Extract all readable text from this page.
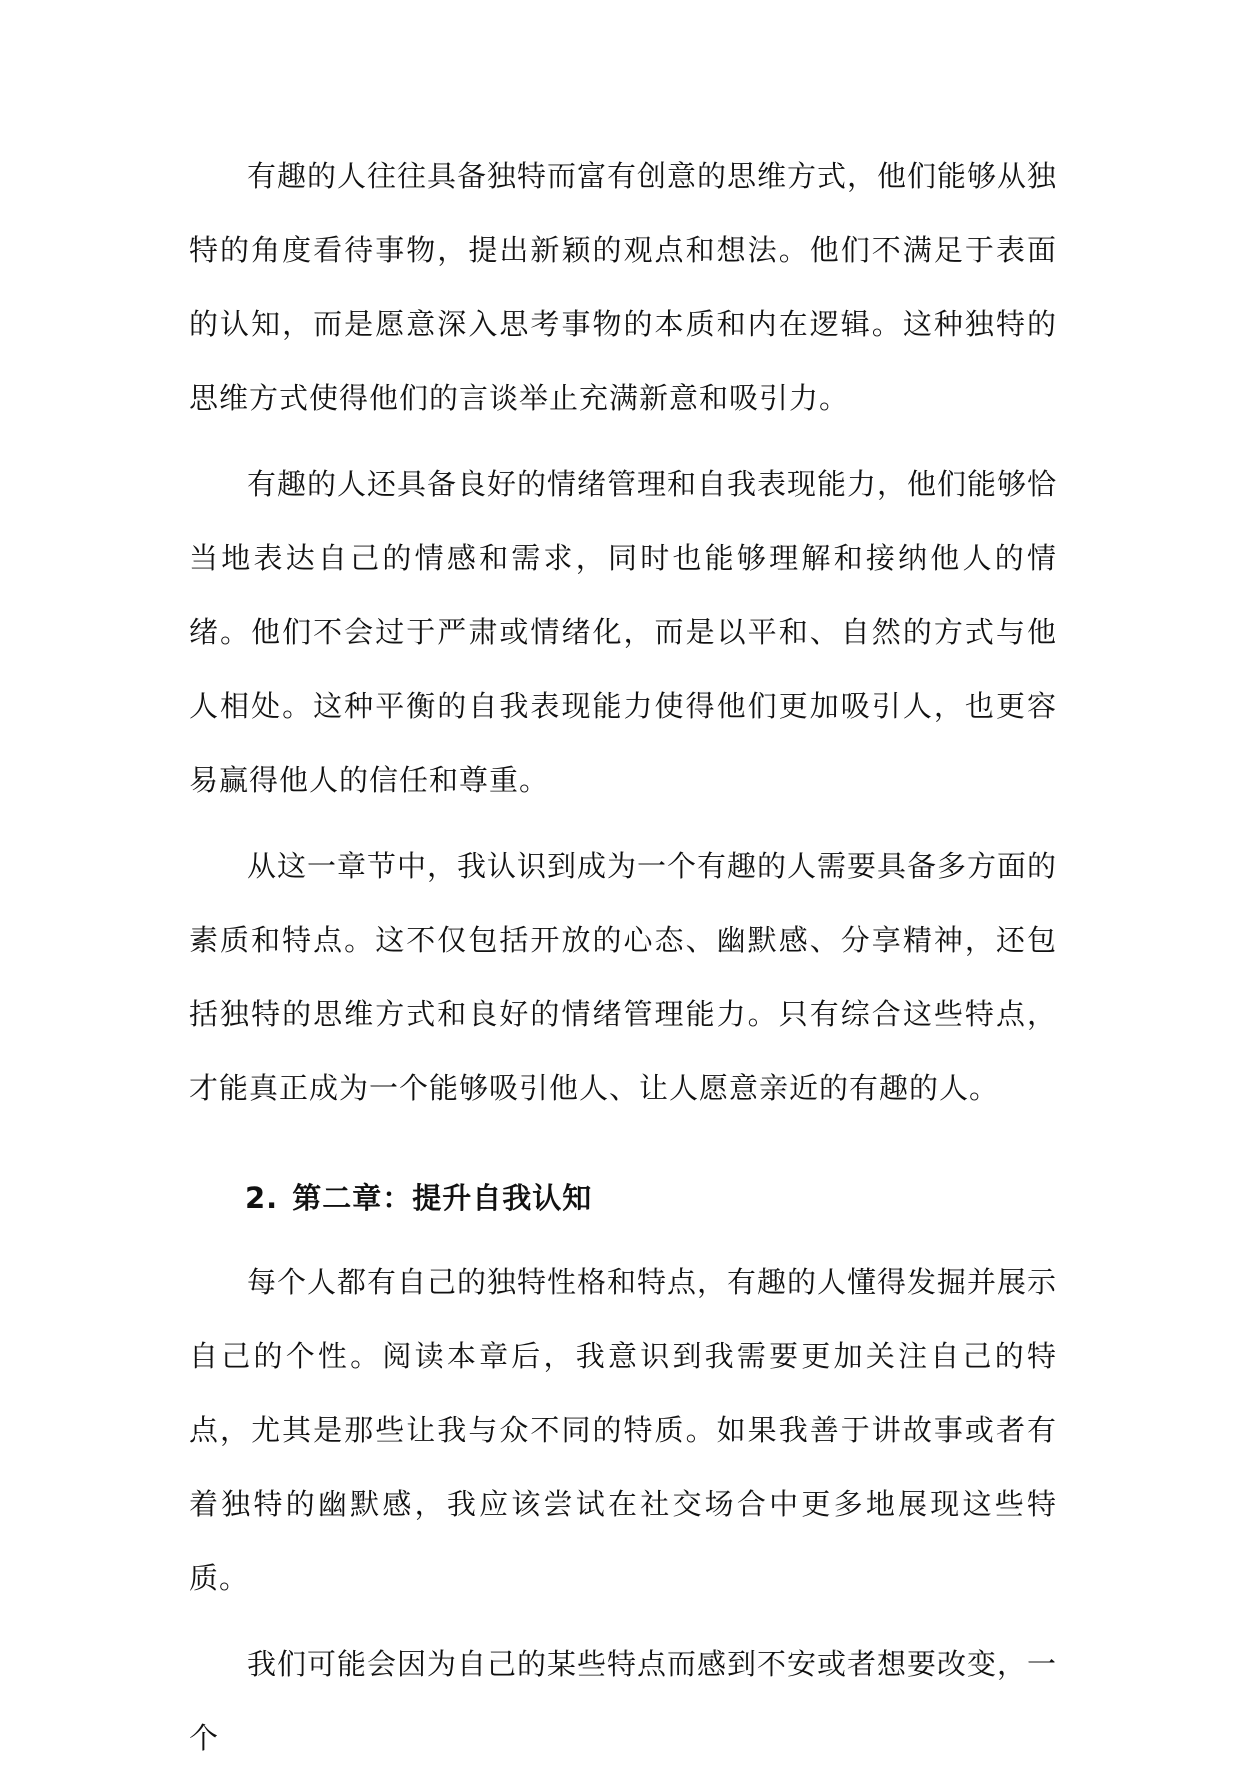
有趣的人往往具备独特而富有创意的思维方式，他们能够从独特的角度看待事物，提出新颖的观点和想法。他们不满足于表面的认知，而是愿意深入思考事物的本质和内在逻辑。这种独特的思维方式使得他们的言谈举止充满新意和吸引力。

有趣的人还具备良好的情绪管理和自我表现能力，他们能够恰当地表达自己的情感和需求，同时也能够理解和接纳他人的情绪。他们不会过于严肃或情绪化，而是以平和、自然的方式与他人相处。这种平衡的自我表现能力使得他们更加吸引人，也更容易赢得他人的信任和尊重。

从这一章节中，我认识到成为一个有趣的人需要具备多方面的素质和特点。这不仅包括开放的心态、幽默感、分享精神，还包括独特的思维方式和良好的情绪管理能力。只有综合这些特点，才能真正成为一个能够吸引他人、让人愿意亲近的有趣的人。

2. 第二章：提升自我认知

每个人都有自己的独特性格和特点，有趣的人懂得发掘并展示自己的个性。阅读本章后，我意识到我需要更加关注自己的特点，尤其是那些让我与众不同的特质。如果我善于讲故事或者有着独特的幽默感，我应该尝试在社交场合中更多地展现这些特质。

我们可能会因为自己的某些特点而感到不安或者想要改变，一个
